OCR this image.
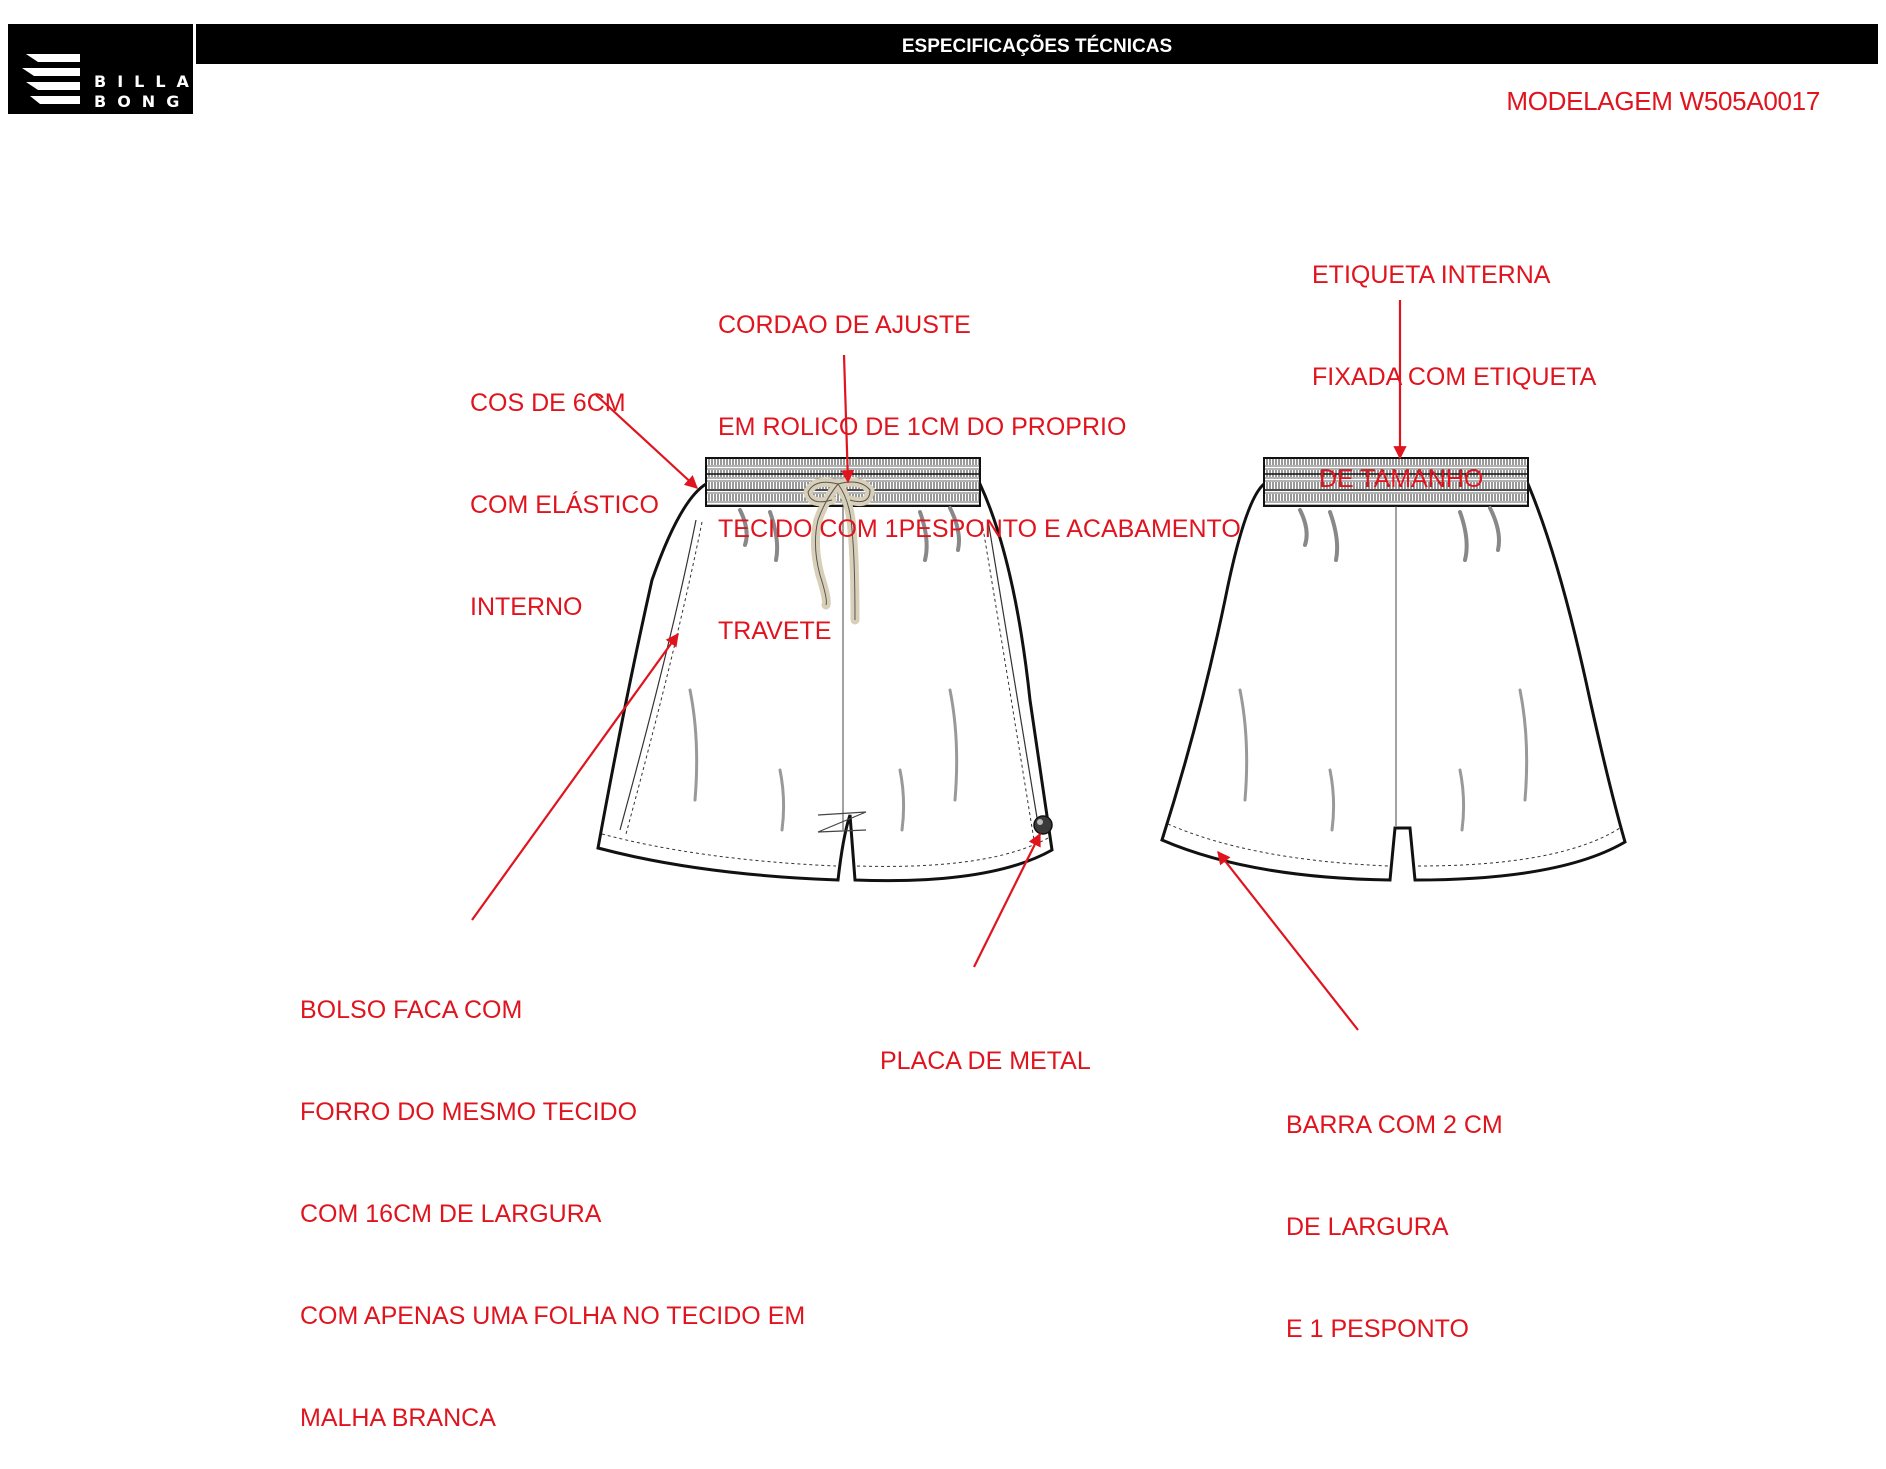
BILLA
BONG
ESPECIFICAÇÕES TÉCNICAS
MODELAGEM W505A0017

COS DE 6CM

COM ELÁSTICO

INTERNO

CORDAO DE AJUSTE

EM ROLICO DE 1CM DO PROPRIO

TECIDO COM 1PESPONTO E ACABAMENTO

TRAVETE

ETIQUETA INTERNA

FIXADA COM ETIQUETA

DE TAMANHO

BOLSO FACA COM

FORRO DO MESMO TECIDO

COM 16CM DE LARGURA

COM APENAS UMA FOLHA NO TECIDO EM

MALHA BRANCA

PLACA DE METAL

BARRA COM 2 CM

DE LARGURA

E 1 PESPONTO
